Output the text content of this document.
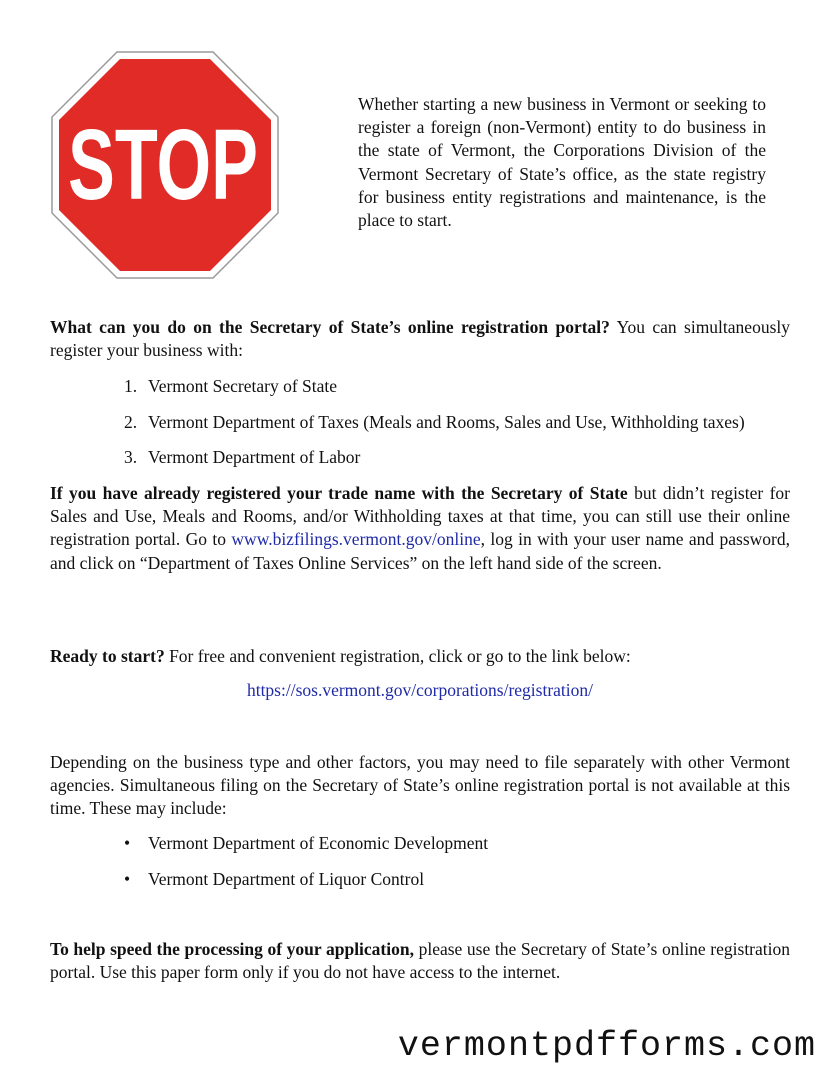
STOP

Whether starting a new business in Vermont or seeking to register a foreign (non-Vermont) entity to do business in the state of Vermont, the Corporations Division of the Vermont Secretary of State’s office, as the state registry for business entity registrations and maintenance, is the place to start.

What can you do on the Secretary of State’s online registration portal? You can simultaneously register your business with:

1. Vermont Secretary of State
2. Vermont Department of Taxes (Meals and Rooms, Sales and Use, Withholding taxes)
3. Vermont Department of Labor

If you have already registered your trade name with the Secretary of State but didn’t register for Sales and Use, Meals and Rooms, and/or Withholding taxes at that time, you can still use their online registration portal. Go to www.bizfilings.vermont.gov/online, log in with your user name and password, and click on “Department of Taxes Online Services” on the left hand side of the screen.

Ready to start? For free and convenient registration, click or go to the link below:

https://sos.vermont.gov/corporations/registration/

Depending on the business type and other factors, you may need to file separately with other Vermont agencies. Simultaneous filing on the Secretary of State’s online registration portal is not available at this time. These may include:

• Vermont Department of Economic Development
• Vermont Department of Liquor Control

To help speed the processing of your application, please use the Secretary of State’s online registration portal. Use this paper form only if you do not have access to the internet.

vermontpdfforms.com
